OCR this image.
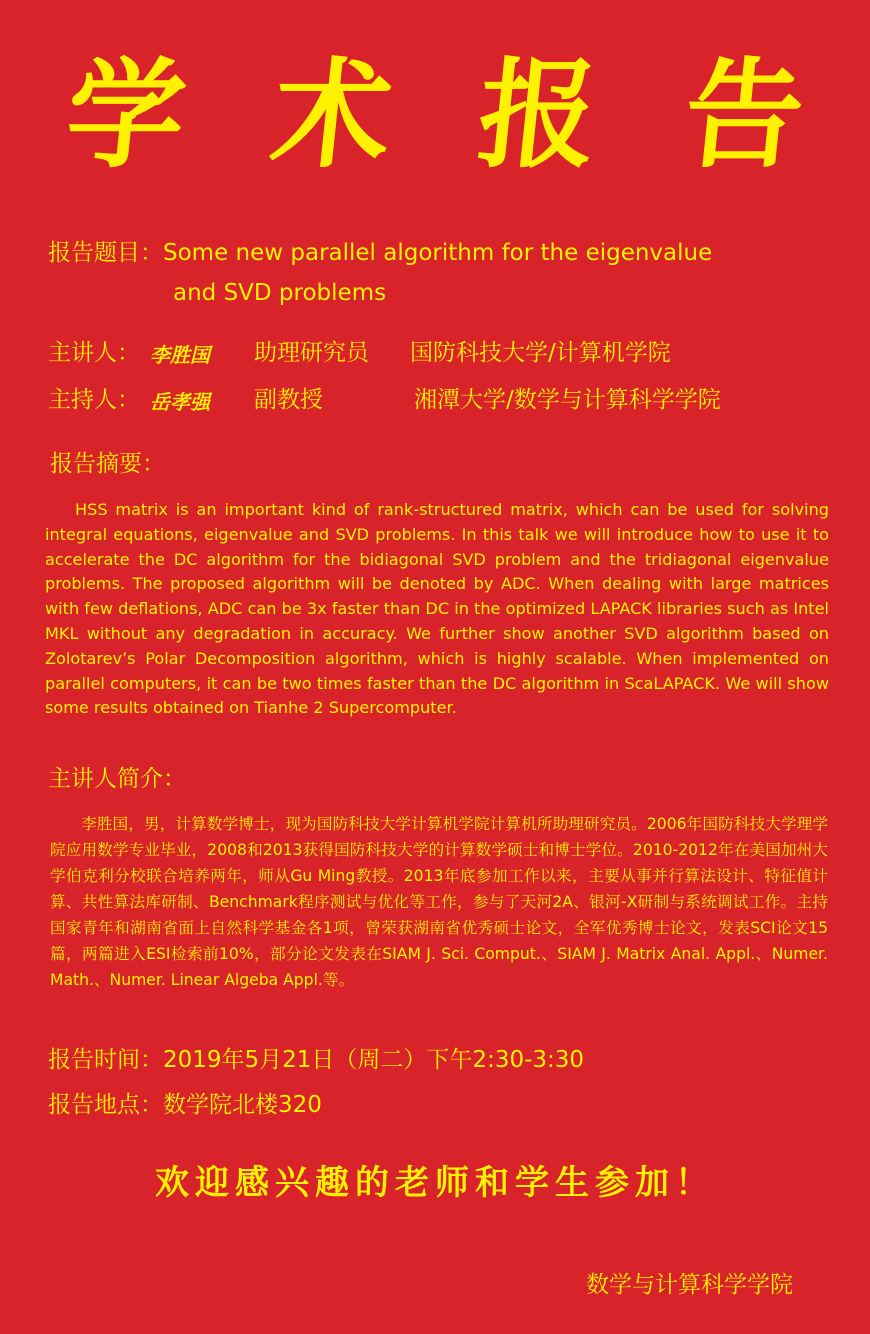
学 术 报 告
报告题目：Some new parallel algorithm for the eigenvalue
and SVD problems
主讲人： 李胜国 助理研究员 国防科技大学/计算机学院
主持人： 岳孝强 副教授	湘潭大学/数学与计算科学学院
报告摘要：
HSS matrix is an important kind of rank-structured matrix, which can be used for solving integral equations, eigenvalue and SVD problems. In this talk we will introduce how to use it to accelerate the DC algorithm for the bidiagonal SVD problem and the tridiagonal eigenvalue problems. The proposed algorithm will be denoted by ADC. When dealing with large matrices with few deflations, ADC can be 3x faster than DC in the optimized LAPACK libraries such as Intel MKL without any degradation in accuracy. We further show another SVD algorithm based on Zolotarev’s Polar Decomposition algorithm, which is highly scalable. When implemented on parallel computers, it can be two times faster than the DC algorithm in ScaLAPACK. We will show some results obtained on Tianhe 2 Supercomputer.
主讲人简介：
李胜国，男，计算数学博士，现为国防科技大学计算机学院计算机所助理研究员。2006年国防科技大学理学院应用数学专业毕业，2008和2013获得国防科技大学的计算数学硕士和博士学位。2010-2012年在美国加州大学伯克利分校联合培养两年，师从Gu Ming教授。2013年底参加工作以来，主要从事并行算法设计、特征值计算、共性算法库研制、Benchmark程序测试与优化等工作，参与了天河2A、银河-X研制与系统调试工作。主持国家青年和湖南省面上自然科学基金各1项，曾荣获湖南省优秀硕士论文，全军优秀博士论文，发表SCI论文15篇，两篇进入ESI检索前10%，部分论文发表在SIAM J. Sci. Comput.、SIAM J. Matrix Anal. Appl.、Numer. Math.、Numer. Linear Algeba Appl.等。
报告时间：2019年5月21日（周二）下午2:30-3:30
报告地点：数学院北楼320
欢迎感兴趣的老师和学生参加！
数学与计算科学学院
